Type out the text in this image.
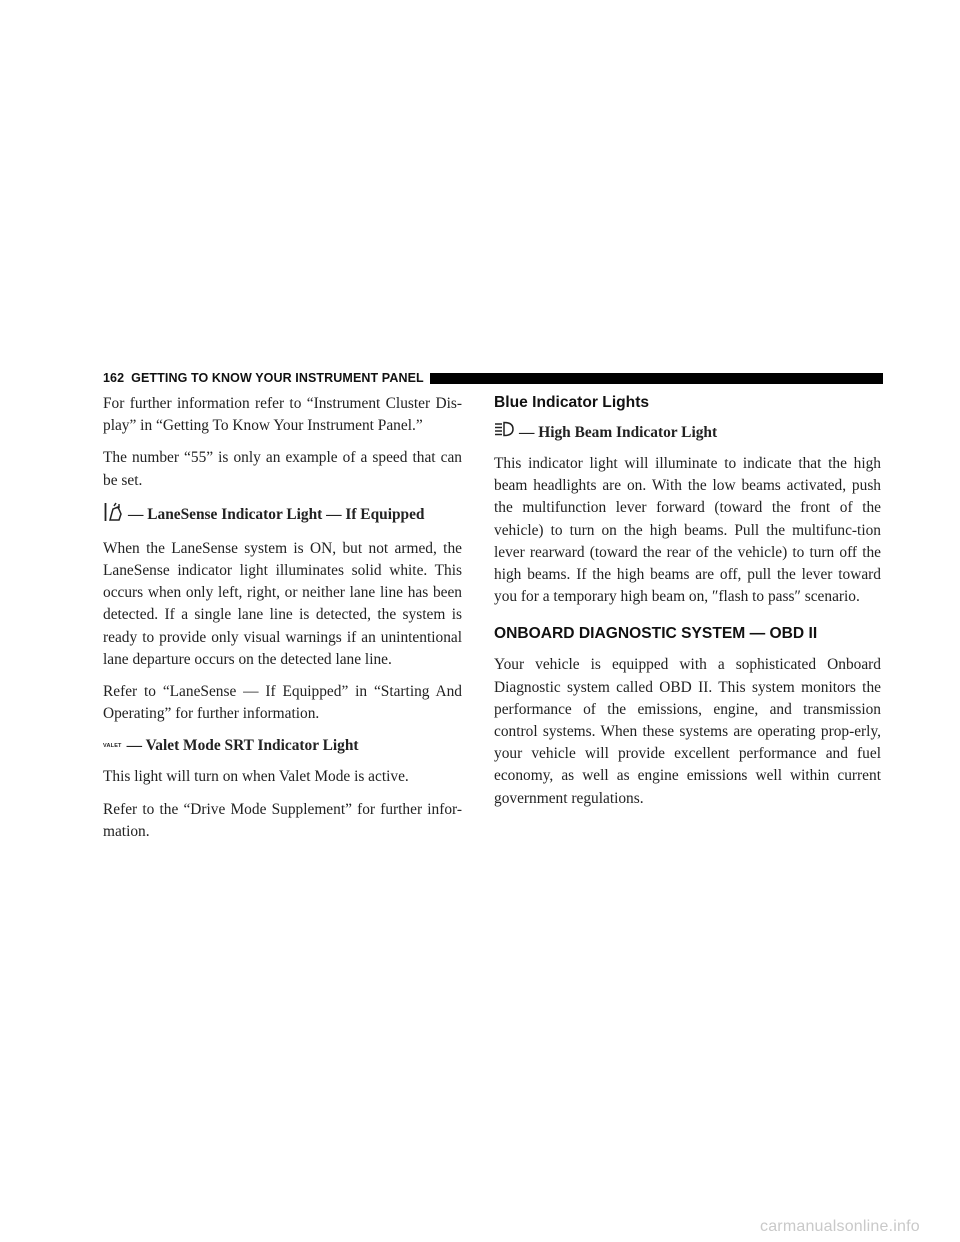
162 GETTING TO KNOW YOUR INSTRUMENT PANEL

For further information refer to “Instrument Cluster Dis-play” in “Getting To Know Your Instrument Panel.”

The number “55” is only an example of a speed that can be set.

— LaneSense Indicator Light — If Equipped

When the LaneSense system is ON, but not armed, the LaneSense indicator light illuminates solid white. This occurs when only left, right, or neither lane line has been detected. If a single lane line is detected, the system is ready to provide only visual warnings if an unintentional lane departure occurs on the detected lane line.

Refer to “LaneSense — If Equipped” in “Starting And Operating” for further information.

VALET — Valet Mode SRT Indicator Light

This light will turn on when Valet Mode is active.

Refer to the “Drive Mode Supplement” for further infor-mation.

Blue Indicator Lights
— High Beam Indicator Light

This indicator light will illuminate to indicate that the high beam headlights are on. With the low beams activated, push the multifunction lever forward (toward the front of the vehicle) to turn on the high beams. Pull the multifunc-tion lever rearward (toward the rear of the vehicle) to turn off the high beams. If the high beams are off, pull the lever toward you for a temporary high beam on, ″flash to pass″ scenario.

ONBOARD DIAGNOSTIC SYSTEM — OBD II

Your vehicle is equipped with a sophisticated Onboard Diagnostic system called OBD II. This system monitors the performance of the emissions, engine, and transmission control systems. When these systems are operating prop-erly, your vehicle will provide excellent performance and fuel economy, as well as engine emissions well within current government regulations.

carmanualsonline.info
